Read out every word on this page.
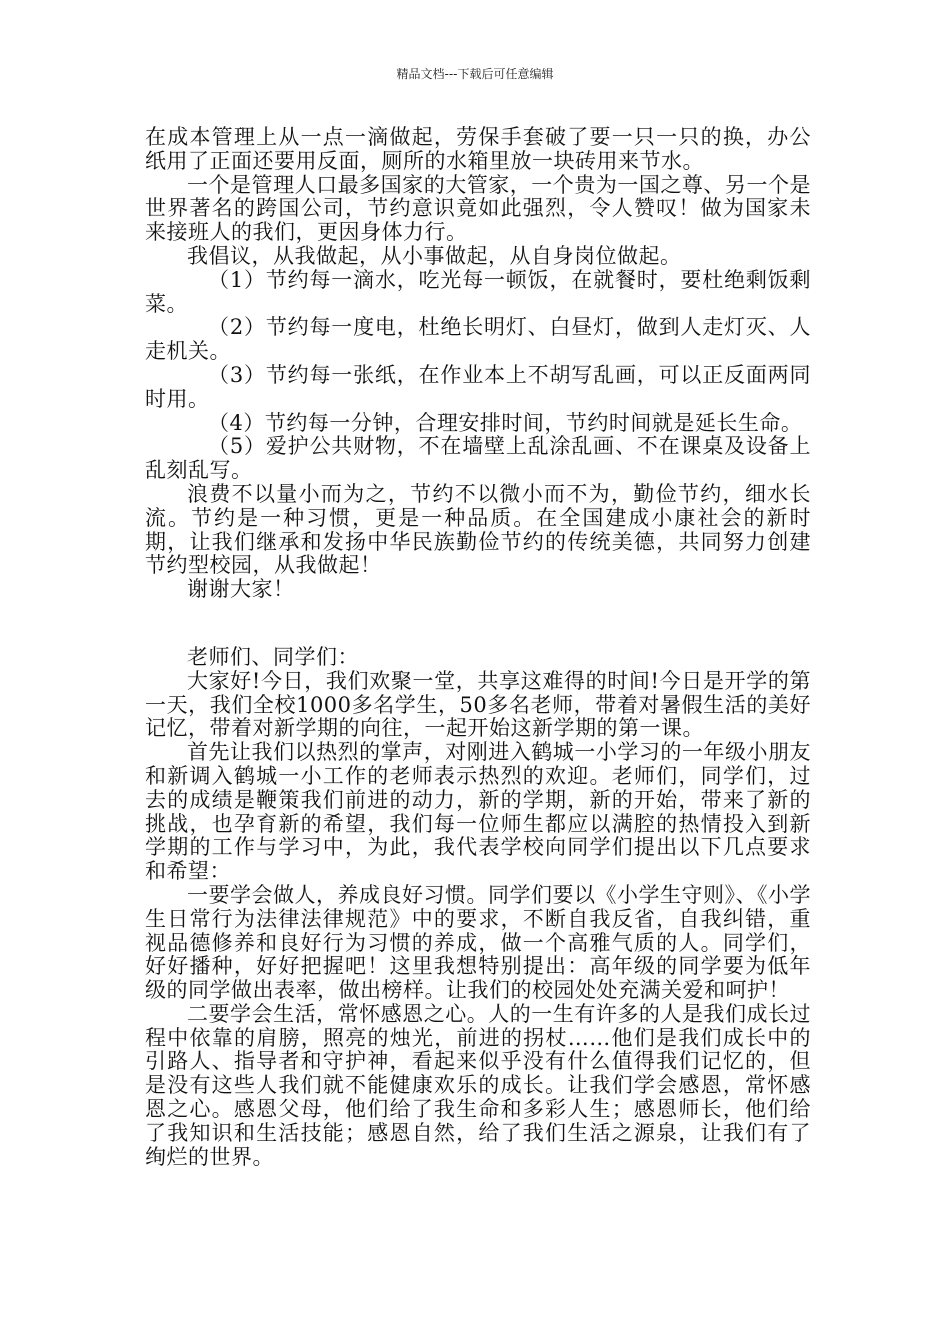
精品文档---下载后可任意编辑

在成本管理上从一点一滴做起，劳保手套破了要一只一只的换，办公纸用了正面还要用反面，厕所的水箱里放一块砖用来节水。

一个是管理人口最多国家的大管家，一个贵为一国之尊、另一个是世界著名的跨国公司，节约意识竟如此强烈，令人赞叹！做为国家未来接班人的我们，更因身体力行。

我倡议，从我做起，从小事做起，从自身岗位做起。

（1）节约每一滴水，吃光每一顿饭，在就餐时，要杜绝剩饭剩菜。

（2）节约每一度电，杜绝长明灯、白昼灯，做到人走灯灭、人走机关。

（3）节约每一张纸，在作业本上不胡写乱画，可以正反面两同时用。

（4）节约每一分钟，合理安排时间，节约时间就是延长生命。

（5）爱护公共财物，不在墙壁上乱涂乱画、不在课桌及设备上乱刻乱写。

浪费不以量小而为之，节约不以微小而不为，勤俭节约，细水长流。节约是一种习惯，更是一种品质。在全国建成小康社会的新时期，让我们继承和发扬中华民族勤俭节约的传统美德，共同努力创建节约型校园，从我做起！

谢谢大家！

老师们、同学们：

大家好!今日，我们欢聚一堂，共享这难得的时间!今日是开学的第一天，我们全校1000多名学生，50多名老师，带着对暑假生活的美好记忆，带着对新学期的向往，一起开始这新学期的第一课。

首先让我们以热烈的掌声，对刚进入鹤城一小学习的一年级小朋友和新调入鹤城一小工作的老师表示热烈的欢迎。老师们，同学们，过去的成绩是鞭策我们前进的动力，新的学期，新的开始，带来了新的挑战，也孕育新的希望，我们每一位师生都应以满腔的热情投入到新学期的工作与学习中，为此，我代表学校向同学们提出以下几点要求和希望：

一要学会做人，养成良好习惯。同学们要以《小学生守则》、《小学生日常行为法律法律规范》中的要求，不断自我反省，自我纠错，重视品德修养和良好行为习惯的养成，做一个高雅气质的人。同学们，好好播种，好好把握吧！这里我想特别提出：高年级的同学要为低年级的同学做出表率，做出榜样。让我们的校园处处充满关爱和呵护！

二要学会生活，常怀感恩之心。人的一生有许多的人是我们成长过程中依靠的肩膀，照亮的烛光，前进的拐杖……他们是我们成长中的引路人、指导者和守护神，看起来似乎没有什么值得我们记忆的，但是没有这些人我们就不能健康欢乐的成长。让我们学会感恩，常怀感恩之心。感恩父母，他们给了我生命和多彩人生；感恩师长，他们给了我知识和生活技能；感恩自然，给了我们生活之源泉，让我们有了绚烂的世界。
